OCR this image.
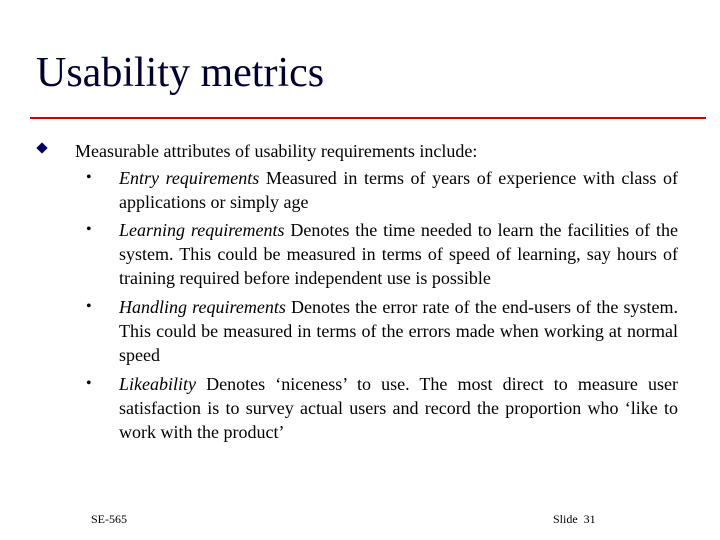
Usability metrics
Measurable attributes of usability requirements include:
• Entry requirements Measured in terms of years of experience with class of applications or simply age
• Learning requirements Denotes the time needed to learn the facilities of the system. This could be measured in terms of speed of learning, say hours of training required before independent use is possible
• Handling requirements Denotes the error rate of the end-users of the system. This could be measured in terms of the errors made when working at normal speed
• Likeability Denotes ‘niceness’ to use. The most direct to measure user satisfaction is to survey actual users and record the proportion who ‘like to work with the product’
SE-565	Slide  31
